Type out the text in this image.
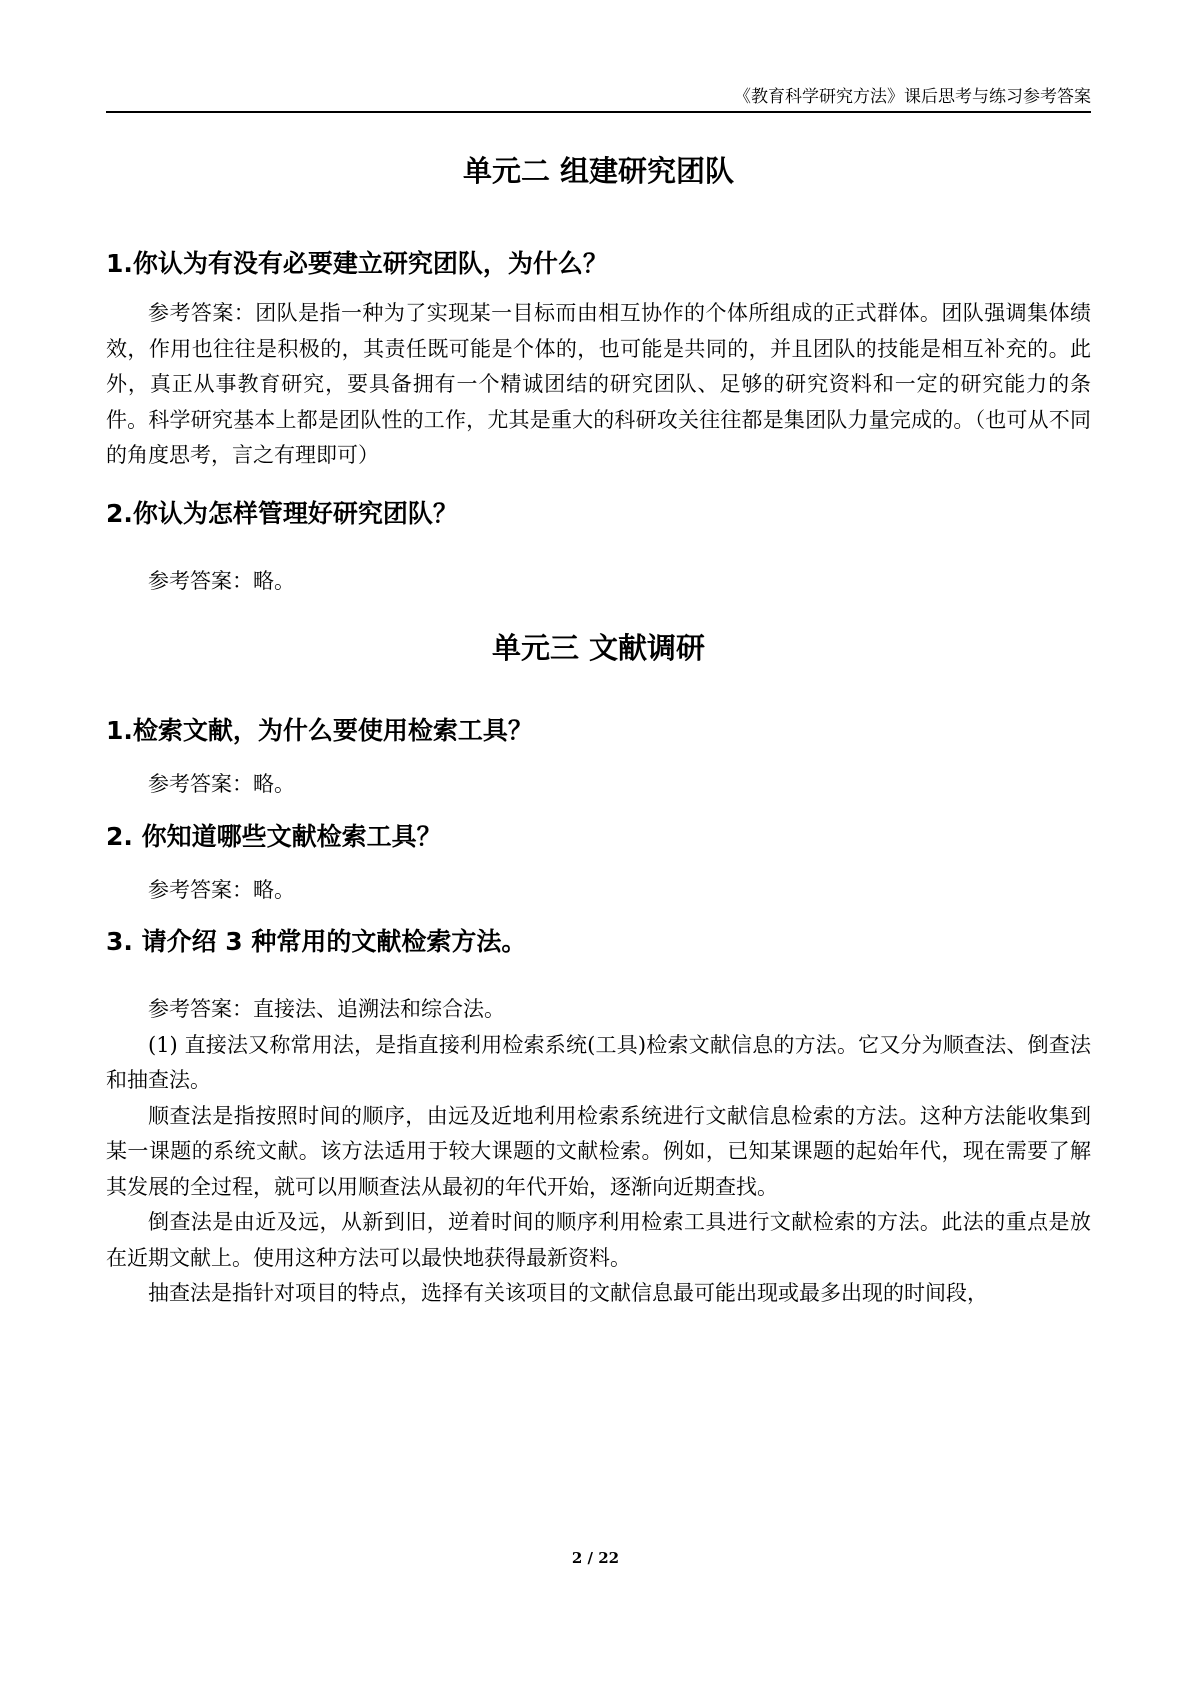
《教育科学研究方法》课后思考与练习参考答案
单元二 组建研究团队
1.你认为有没有必要建立研究团队，为什么？

参考答案：团队是指一种为了实现某一目标而由相互协作的个体所组成的正式群体。团队强调集体绩效，作用也往往是积极的，其责任既可能是个体的，也可能是共同的，并且团队的技能是相互补充的。此外，真正从事教育研究，要具备拥有一个精诚团结的研究团队、足够的研究资料和一定的研究能力的条件。科学研究基本上都是团队性的工作，尤其是重大的科研攻关往往都是集团队力量完成的。（也可从不同的角度思考，言之有理即可）

2.你认为怎样管理好研究团队？

参考答案：略。

单元三 文献调研
1.检索文献，为什么要使用检索工具？

参考答案：略。

2. 你知道哪些文献检索工具？

参考答案：略。

3. 请介绍 3 种常用的文献检索方法。

参考答案：直接法、追溯法和综合法。

(1) 直接法又称常用法，是指直接利用检索系统(工具)检索文献信息的方法。它又分为顺查法、倒查法和抽查法。

顺查法是指按照时间的顺序，由远及近地利用检索系统进行文献信息检索的方法。这种方法能收集到某一课题的系统文献。该方法适用于较大课题的文献检索。例如，已知某课题的起始年代，现在需要了解其发展的全过程，就可以用顺查法从最初的年代开始，逐渐向近期查找。

倒查法是由近及远，从新到旧，逆着时间的顺序利用检索工具进行文献检索的方法。此法的重点是放在近期文献上。使用这种方法可以最快地获得最新资料。

抽查法是指针对项目的特点，选择有关该项目的文献信息最可能出现或最多出现的时间段，

2 / 22
